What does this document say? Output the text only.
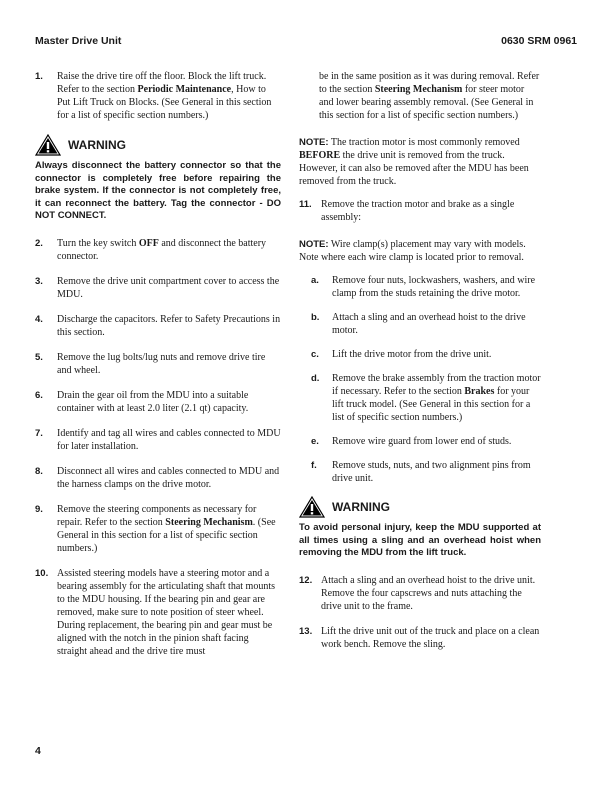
Master Drive Unit	0630 SRM 0961
1. Raise the drive tire off the floor. Block the lift truck. Refer to the section Periodic Maintenance, How to Put Lift Truck on Blocks. (See General in this section for a list of specific section numbers.)
WARNING
Always disconnect the battery connector so that the connector is completely free before repairing the brake system. If the connector is not completely free, it can reconnect the battery. Tag the connector - DO NOT CONNECT.
2. Turn the key switch OFF and disconnect the battery connector.
3. Remove the drive unit compartment cover to access the MDU.
4. Discharge the capacitors. Refer to Safety Precautions in this section.
5. Remove the lug bolts/lug nuts and remove drive tire and wheel.
6. Drain the gear oil from the MDU into a suitable container with at least 2.0 liter (2.1 qt) capacity.
7. Identify and tag all wires and cables connected to MDU for later installation.
8. Disconnect all wires and cables connected to MDU and the harness clamps on the drive motor.
9. Remove the steering components as necessary for repair. Refer to the section Steering Mechanism. (See General in this section for a list of specific section numbers.)
10. Assisted steering models have a steering motor and a bearing assembly for the articulating shaft that mounts to the MDU housing. If the bearing pin and gear are removed, make sure to note position of steer wheel. During replacement, the bearing pin and gear must be aligned with the notch in the pinion shaft facing straight ahead and the drive tire must
be in the same position as it was during removal. Refer to the section Steering Mechanism for steer motor and lower bearing assembly removal. (See General in this section for a list of specific section numbers.)
NOTE: The traction motor is most commonly removed BEFORE the drive unit is removed from the truck. However, it can also be removed after the MDU has been removed from the truck.
11. Remove the traction motor and brake as a single assembly:
NOTE: Wire clamp(s) placement may vary with models. Note where each wire clamp is located prior to removal.
a. Remove four nuts, lockwashers, washers, and wire clamp from the studs retaining the drive motor.
b. Attach a sling and an overhead hoist to the drive motor.
c. Lift the drive motor from the drive unit.
d. Remove the brake assembly from the traction motor if necessary. Refer to the section Brakes for your lift truck model. (See General in this section for a list of specific section numbers.)
e. Remove wire guard from lower end of studs.
f. Remove studs, nuts, and two alignment pins from drive unit.
WARNING
To avoid personal injury, keep the MDU supported at all times using a sling and an overhead hoist when removing the MDU from the lift truck.
12. Attach a sling and an overhead hoist to the drive unit. Remove the four capscrews and nuts attaching the drive unit to the frame.
13. Lift the drive unit out of the truck and place on a clean work bench. Remove the sling.
4
